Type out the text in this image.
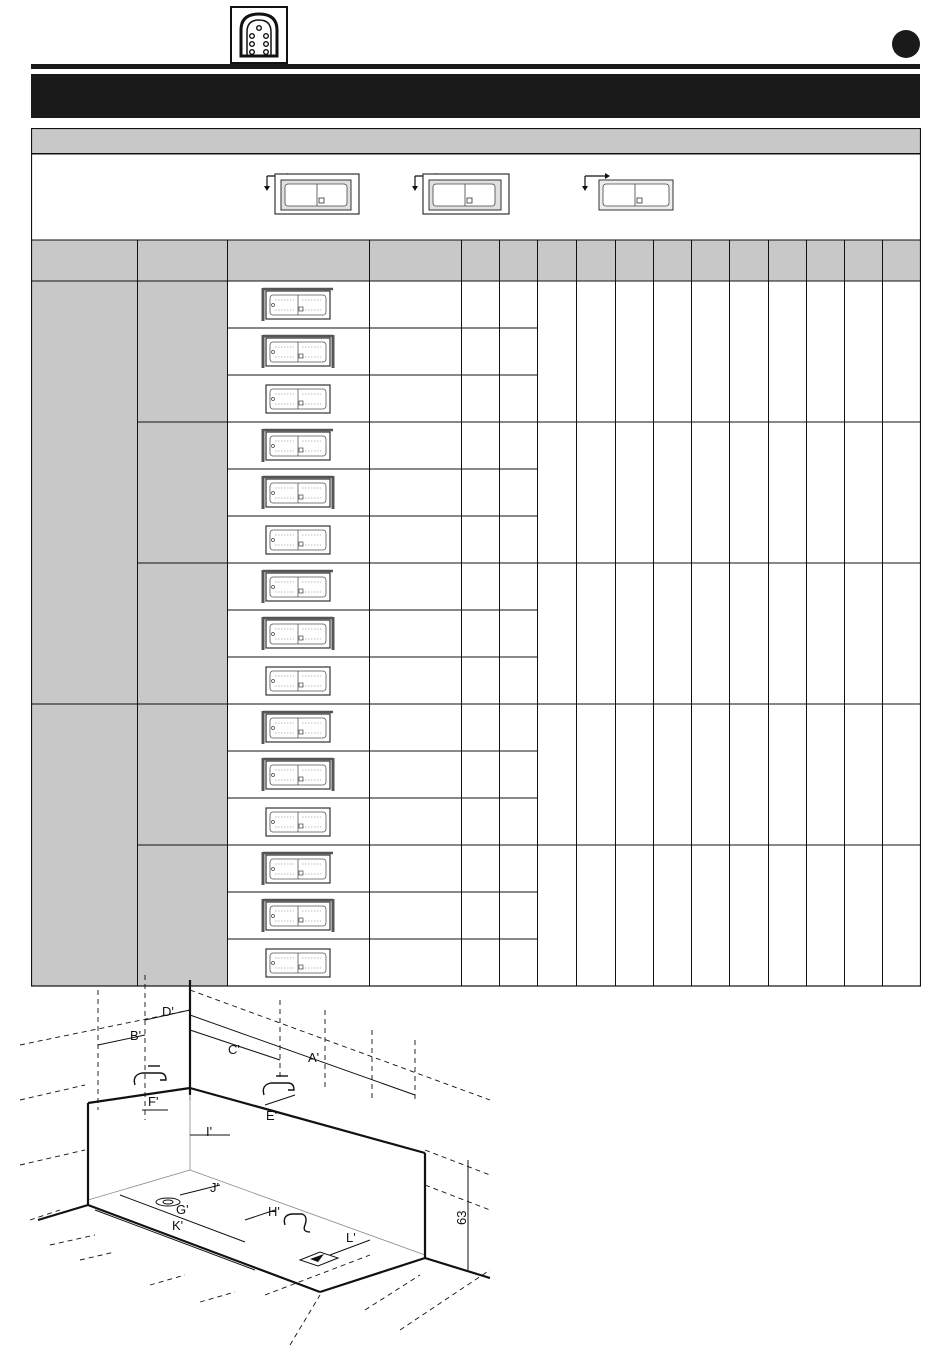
B'
D'
C'
A'
F'
E'
I'
J'
G'	H'
K'
L'
63
